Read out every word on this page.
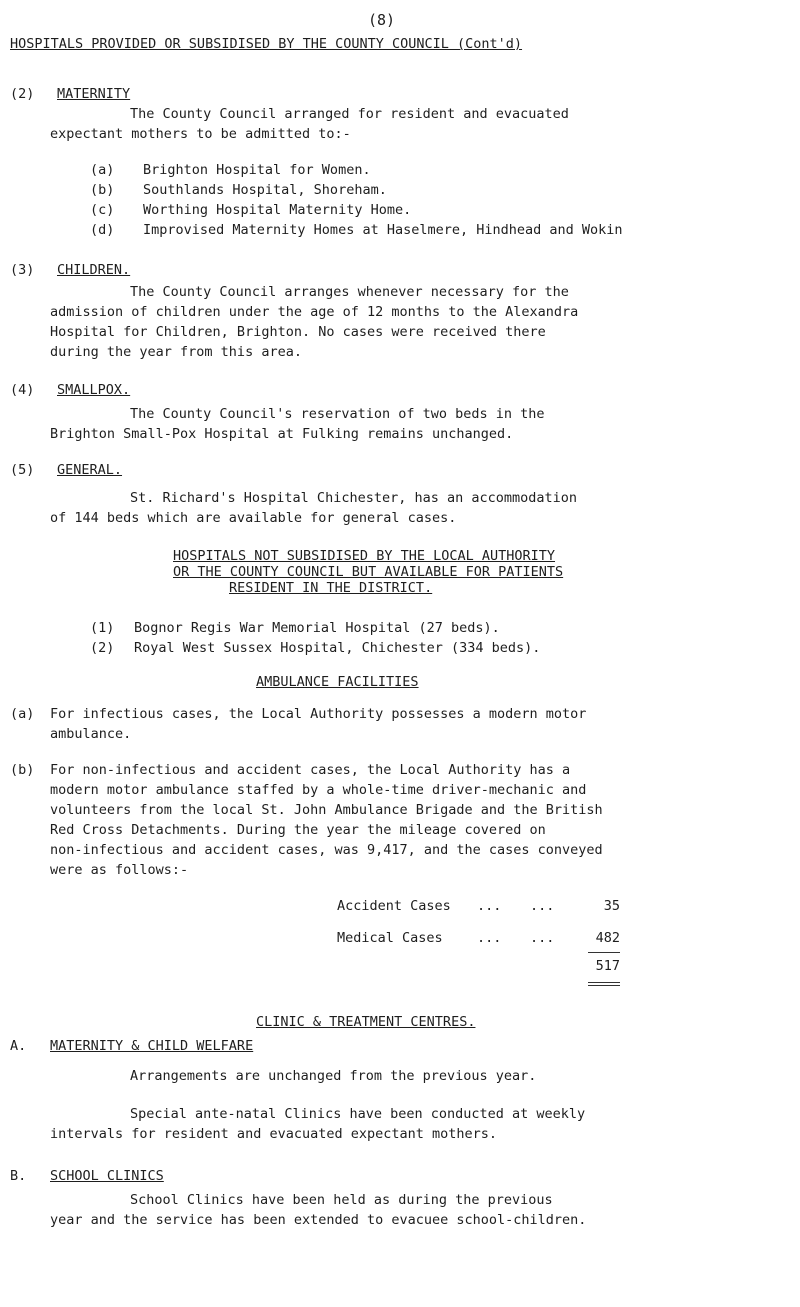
(8)
HOSPITALS PROVIDED OR SUBSIDISED BY THE COUNTY COUNCIL (Cont'd)
(2) MATERNITY
The County Council arranged for resident and evacuated
expectant mothers to be admitted to:-
(a) Brighton Hospital for Women.
(b) Southlands Hospital, Shoreham.
(c) Worthing Hospital Maternity Home.
(d) Improvised Maternity Homes at Haselmere, Hindhead and Wokin
(3) CHILDREN.
The County Council arranges whenever necessary for the
admission of children under the age of 12 months to the Alexandra
Hospital for Children, Brighton. No cases were received there
during the year from this area.
(4) SMALLPOX.
The County Council's reservation of two beds in the
Brighton Small-Pox Hospital at Fulking remains unchanged.
(5) GENERAL.
St. Richard's Hospital Chichester, has an accommodation
of 144 beds which are available for general cases.
HOSPITALS NOT SUBSIDISED BY THE LOCAL AUTHORITY
OR THE COUNTY COUNCIL BUT AVAILABLE FOR PATIENTS
RESIDENT IN THE DISTRICT.
(1) Bognor Regis War Memorial Hospital (27 beds).
(2) Royal West Sussex Hospital, Chichester (334 beds).
AMBULANCE FACILITIES
(a) For infectious cases, the Local Authority possesses a modern motor
ambulance.
(b) For non-infectious and accident cases, the Local Authority has a
modern motor ambulance staffed by a whole-time driver-mechanic and
volunteers from the local St. John Ambulance Brigade and the British
Red Cross Detachments. During the year the mileage covered on
non-infectious and accident cases, was 9,417, and the cases conveyed
were as follows:-
Accident Cases ... ...	35
Medical Cases	... ...	482
517
CLINIC & TREATMENT CENTRES.
A. MATERNITY & CHILD WELFARE
Arrangements are unchanged from the previous year.
Special ante-natal Clinics have been conducted at weekly
intervals for resident and evacuated expectant mothers.
B. SCHOOL CLINICS
School Clinics have been held as during the previous
year and the service has been extended to evacuee school-children.
